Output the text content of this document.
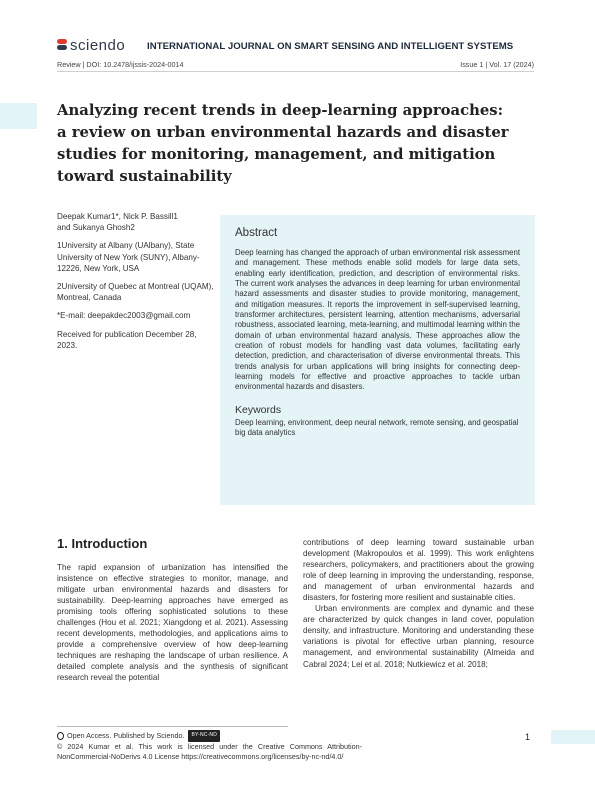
sciendo INTERNATIONAL JOURNAL ON SMART SENSING AND INTELLIGENT SYSTEMS
Review | DOI: 10.2478/ijssis-2024-0014	Issue 1 | Vol. 17 (2024)
Analyzing recent trends in deep-learning approaches:
a review on urban environmental hazards and disaster
studies for monitoring, management, and mitigation
toward sustainability

Deepak Kumar1*, Nick P. Bassill1
and Sukanya Ghosh2

1University at Albany (UAlbany), State University of New York (SUNY), Albany-12226, New York, USA

2University of Quebec at Montreal (UQAM), Montreal, Canada

*E-mail: deepakdec2003@gmail.com

Received for publication December 28, 2023.

Abstract
Deep learning has changed the approach of urban environmental risk assessment and management. These methods enable solid models for large data sets, enabling early identification, prediction, and description of environmental risks. The current work analyses the advances in deep learning for urban environmental hazard assessments and disaster studies to provide monitoring, management, and mitigation measures. It reports the improvement in self-supervised learning, transformer architectures, persistent learning, attention mechanisms, adversarial robustness, associated learning, meta-learning, and multimodal learning within the domain of urban environmental hazard analysis. These approaches allow the creation of robust models for handling vast data volumes, facilitating early detection, prediction, and characterisation of diverse environmental threats. This trends analysis for urban applications will bring insights for connecting deep-learning models for effective and proactive approaches to tackle urban environmental hazards and disasters.
Keywords
Deep learning, environment, deep neural network, remote sensing, and geospatial big data analytics
1. Introduction

The rapid expansion of urbanization has intensified the insistence on effective strategies to monitor, manage, and mitigate urban environmental hazards and disasters for sustainability. Deep-learning approaches have emerged as promising tools offering sophisticated solutions to these challenges (Hou et al. 2021; Xiangdong et al. 2021). Assessing recent developments, methodologies, and applications aims to provide a comprehensive overview of how deep-learning techniques are reshaping the landscape of urban resilience. A detailed complete analysis and the synthesis of significant research reveal the potential

contributions of deep learning toward sustainable urban development (Makropoulos et al. 1999). This work enlightens researchers, policymakers, and practitioners about the growing role of deep learning in improving the understanding, response, and management of urban environmental hazards and disasters, for fostering more resilient and sustainable cities.

Urban environments are complex and dynamic and these are characterized by quick changes in land cover, population density, and infrastructure. Monitoring and understanding these variations is pivotal for effective urban planning, resource management, and environmental sustainability (Almeida and Cabral 2024; Lei et al. 2018; Nutkiewicz et al. 2018;

Open Access. Published by Sciendo.	BY-NC-ND
© 2024 Kumar et al. This work is licensed under the Creative Commons Attribution-NonCommercial-NoDerivs 4.0 License https://creativecommons.org/licenses/by-nc-nd/4.0/
1
